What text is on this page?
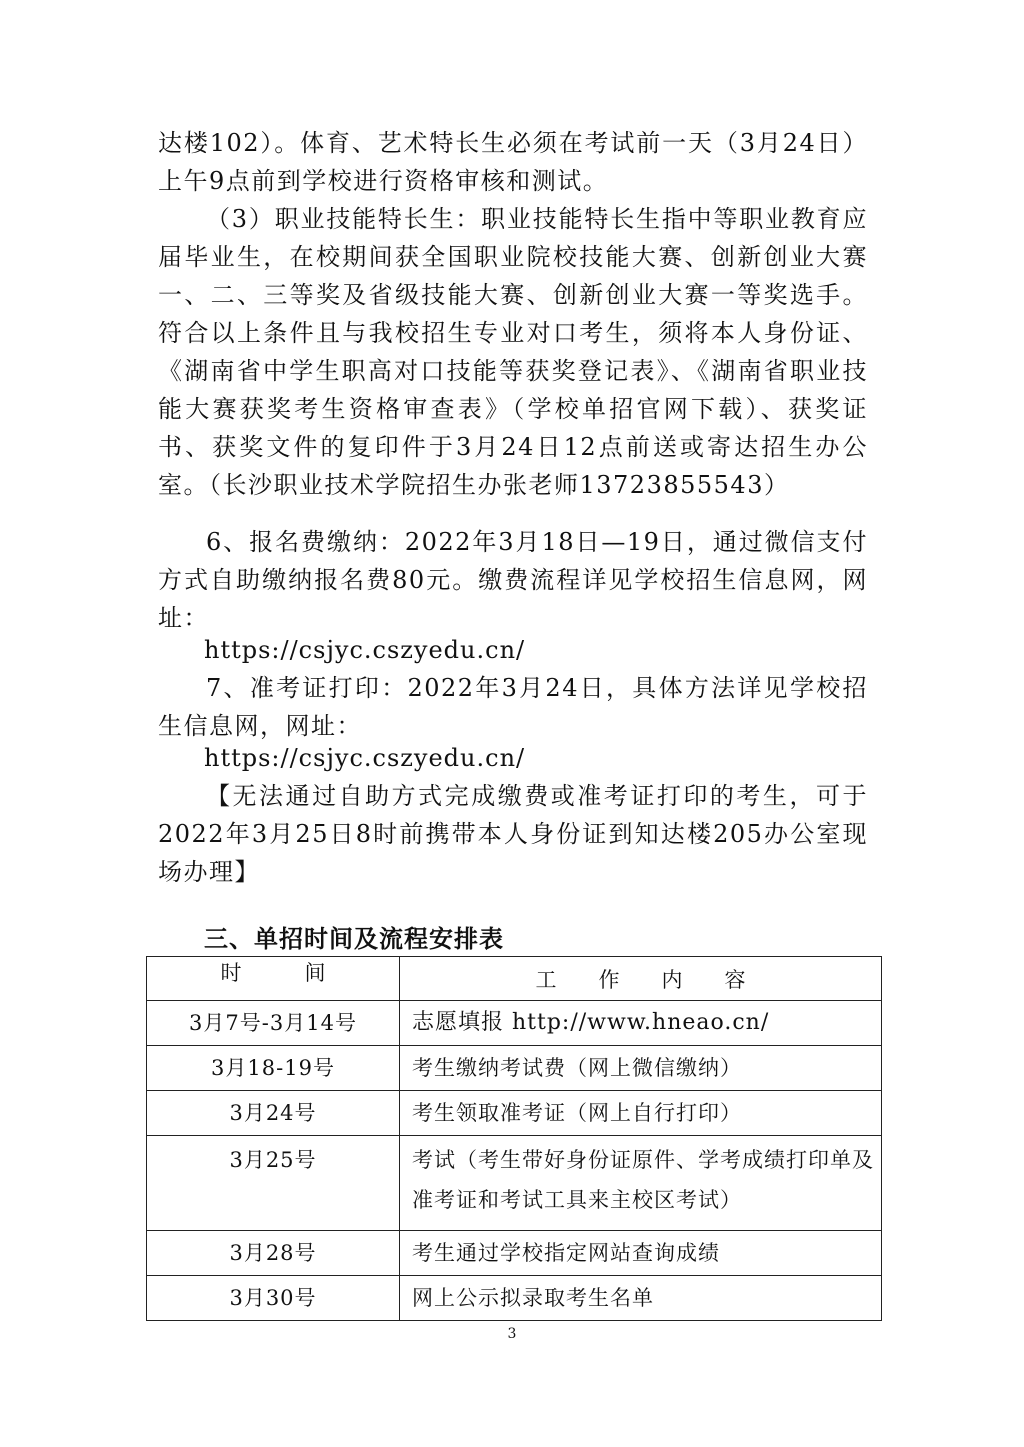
达楼102）。体育、艺术特长生必须在考试前一天（3月24日）上午9点前到学校进行资格审核和测试。

（3）职业技能特长生：职业技能特长生指中等职业教育应届毕业生，在校期间获全国职业院校技能大赛、创新创业大赛一、二、三等奖及省级技能大赛、创新创业大赛一等奖选手。符合以上条件且与我校招生专业对口考生，须将本人身份证、《湖南省中学生职高对口技能等获奖登记表》、《湖南省职业技能大赛获奖考生资格审查表》（学校单招官网下载）、获奖证书、获奖文件的复印件于3月24日12点前送或寄达招生办公室。（长沙职业技术学院招生办张老师13723855543）

6、报名费缴纳：2022年3月18日—19日，通过微信支付方式自助缴纳报名费80元。缴费流程详见学校招生信息网，网址：

https://csjyc.cszyedu.cn/

7、准考证打印：2022年3月24日，具体方法详见学校招生信息网，网址：

https://csjyc.cszyedu.cn/

【无法通过自助方式完成缴费或准考证打印的考生，可于2022年3月25日8时前携带本人身份证到知达楼205办公室现场办理】

三、单招时间及流程安排表
时　　　间	工　　作　　内　　容
3月7号-3月14号	志愿填报 http://www.hneao.cn/
3月18-19号	考生缴纳考试费（网上微信缴纳）
3月24号	考生领取准考证（网上自行打印）
3月25号	考试（考生带好身份证原件、学考成绩打印单及准考证和考试工具来主校区考试）
3月28号	考生通过学校指定网站查询成绩
3月30号	网上公示拟录取考生名单
3
